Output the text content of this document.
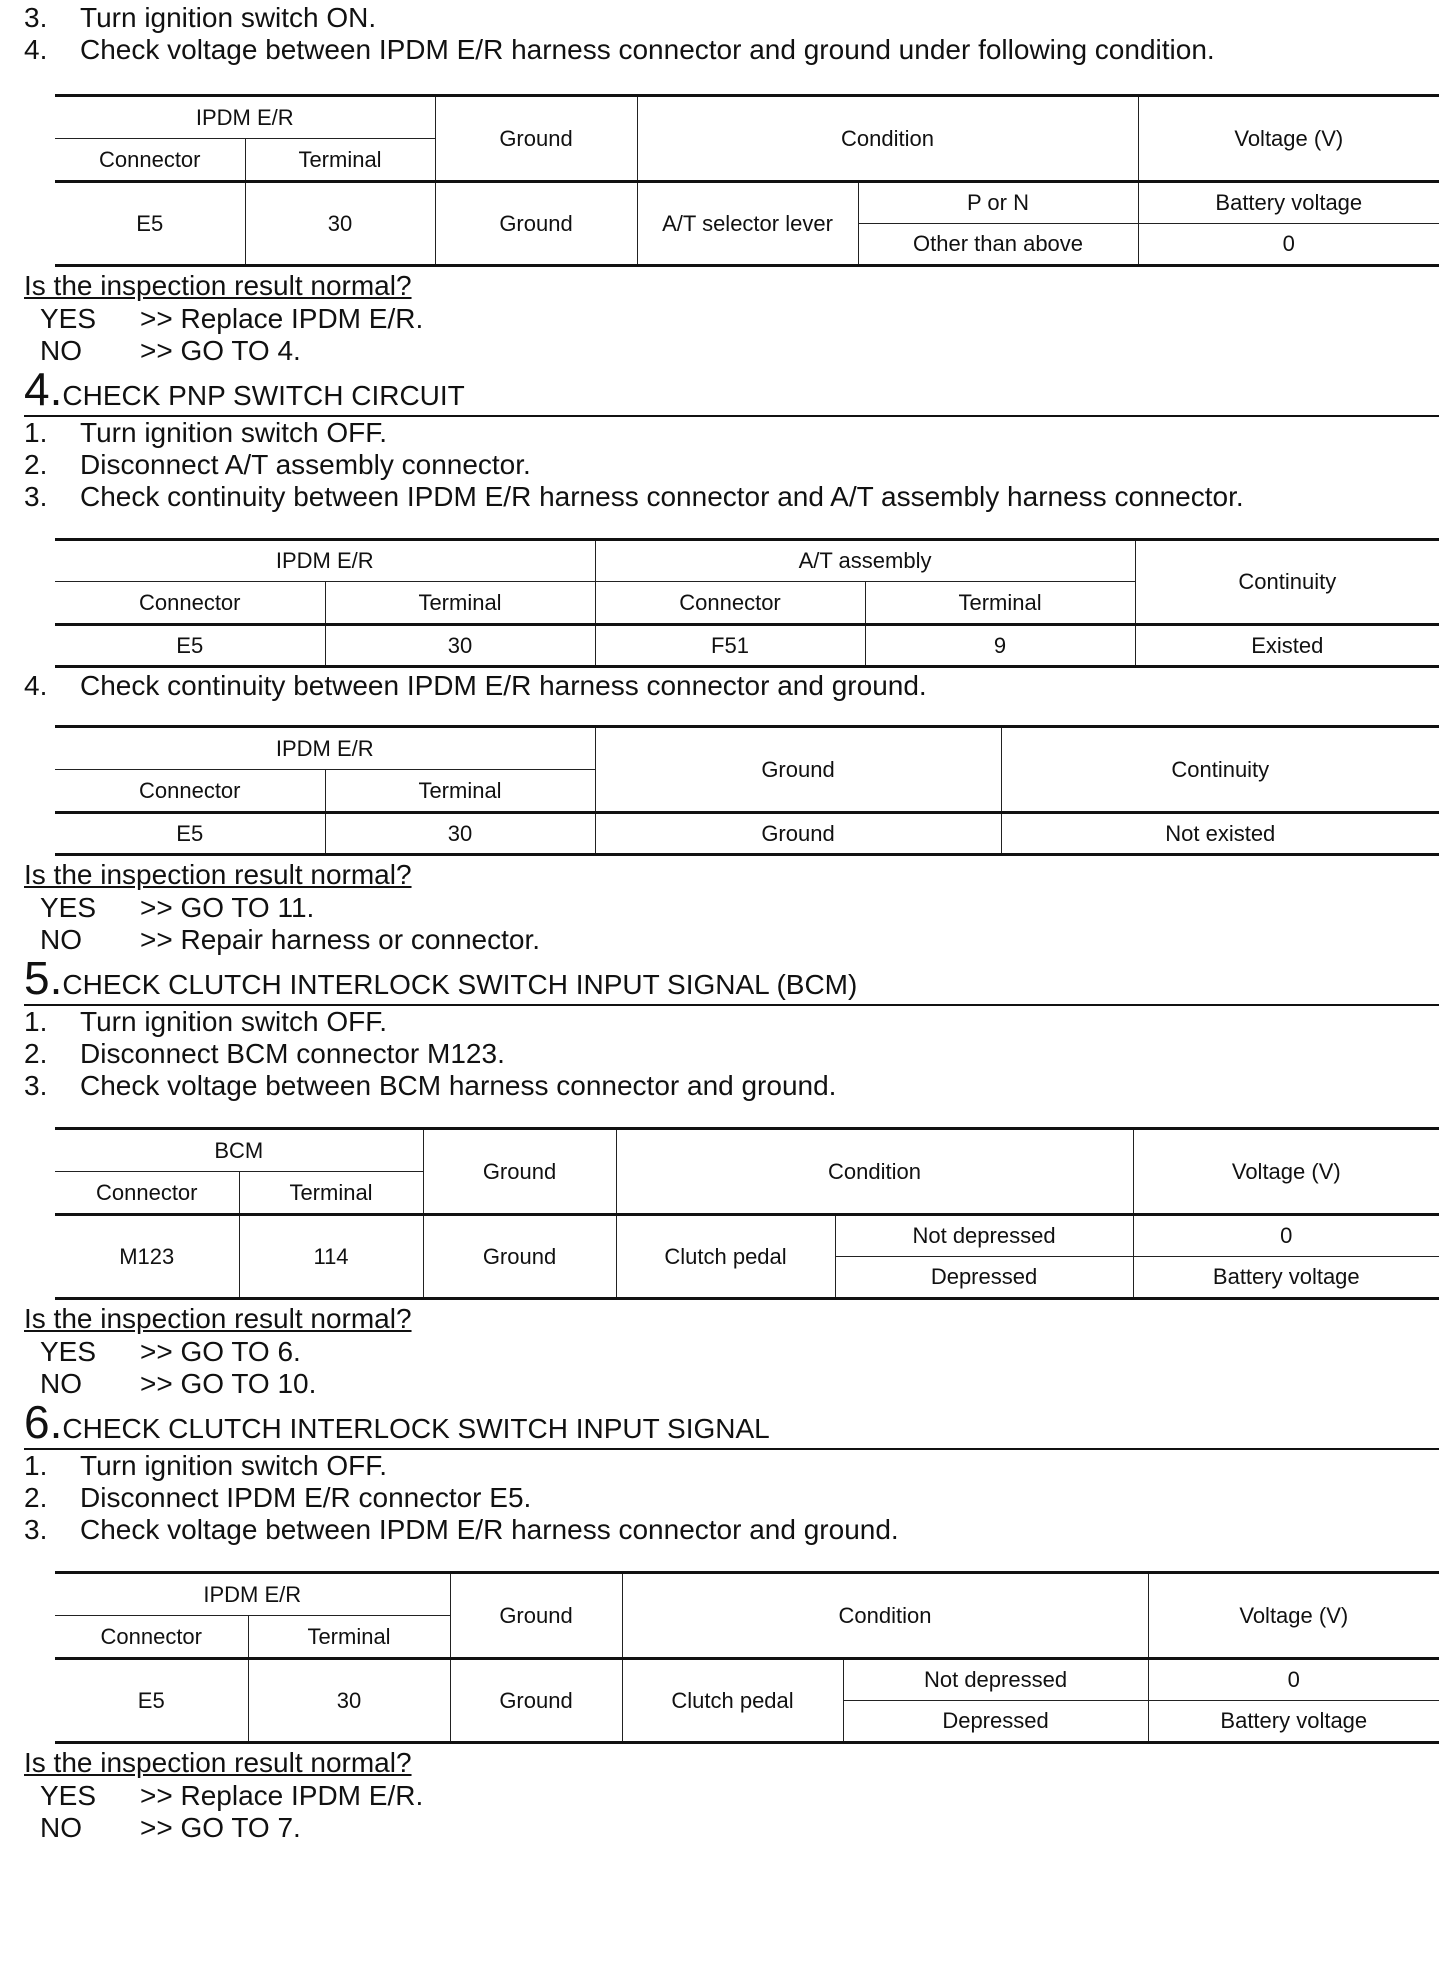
3.	Turn ignition switch ON.
4.	Check voltage between IPDM E/R harness connector and ground under following condition.
IPDM E/R		Ground	Condition		Voltage (V)
Connector	Terminal				
E5	30	Ground	A/T selector lever	P or N	Battery voltage
				Other than above	0
Is the inspection result normal?
YES	>> Replace IPDM E/R.
NO	>> GO TO 4.
4. CHECK PNP SWITCH CIRCUIT
1.	Turn ignition switch OFF.
2.	Disconnect A/T assembly connector.
3.	Check continuity between IPDM E/R harness connector and A/T assembly harness connector.
IPDM E/R		A/T assembly		Continuity
Connector	Terminal	Connector	Terminal	
E5	30	F51	9	Existed
4.	Check continuity between IPDM E/R harness connector and ground.
IPDM E/R		Ground	Continuity
Connector	Terminal		
E5	30	Ground	Not existed
Is the inspection result normal?
YES	>> GO TO 11.
NO	>> Repair harness or connector.
5. CHECK CLUTCH INTERLOCK SWITCH INPUT SIGNAL (BCM)
1.	Turn ignition switch OFF.
2.	Disconnect BCM connector M123.
3.	Check voltage between BCM harness connector and ground.
BCM		Ground	Condition		Voltage (V)
Connector	Terminal				
M123	114	Ground	Clutch pedal	Not depressed	0
				Depressed	Battery voltage
Is the inspection result normal?
YES	>> GO TO 6.
NO	>> GO TO 10.
6. CHECK CLUTCH INTERLOCK SWITCH INPUT SIGNAL
1.	Turn ignition switch OFF.
2.	Disconnect IPDM E/R connector E5.
3.	Check voltage between IPDM E/R harness connector and ground.
IPDM E/R		Ground	Condition		Voltage (V)
Connector	Terminal				
E5	30	Ground	Clutch pedal	Not depressed	0
				Depressed	Battery voltage
Is the inspection result normal?
YES	>> Replace IPDM E/R.
NO	>> GO TO 7.
